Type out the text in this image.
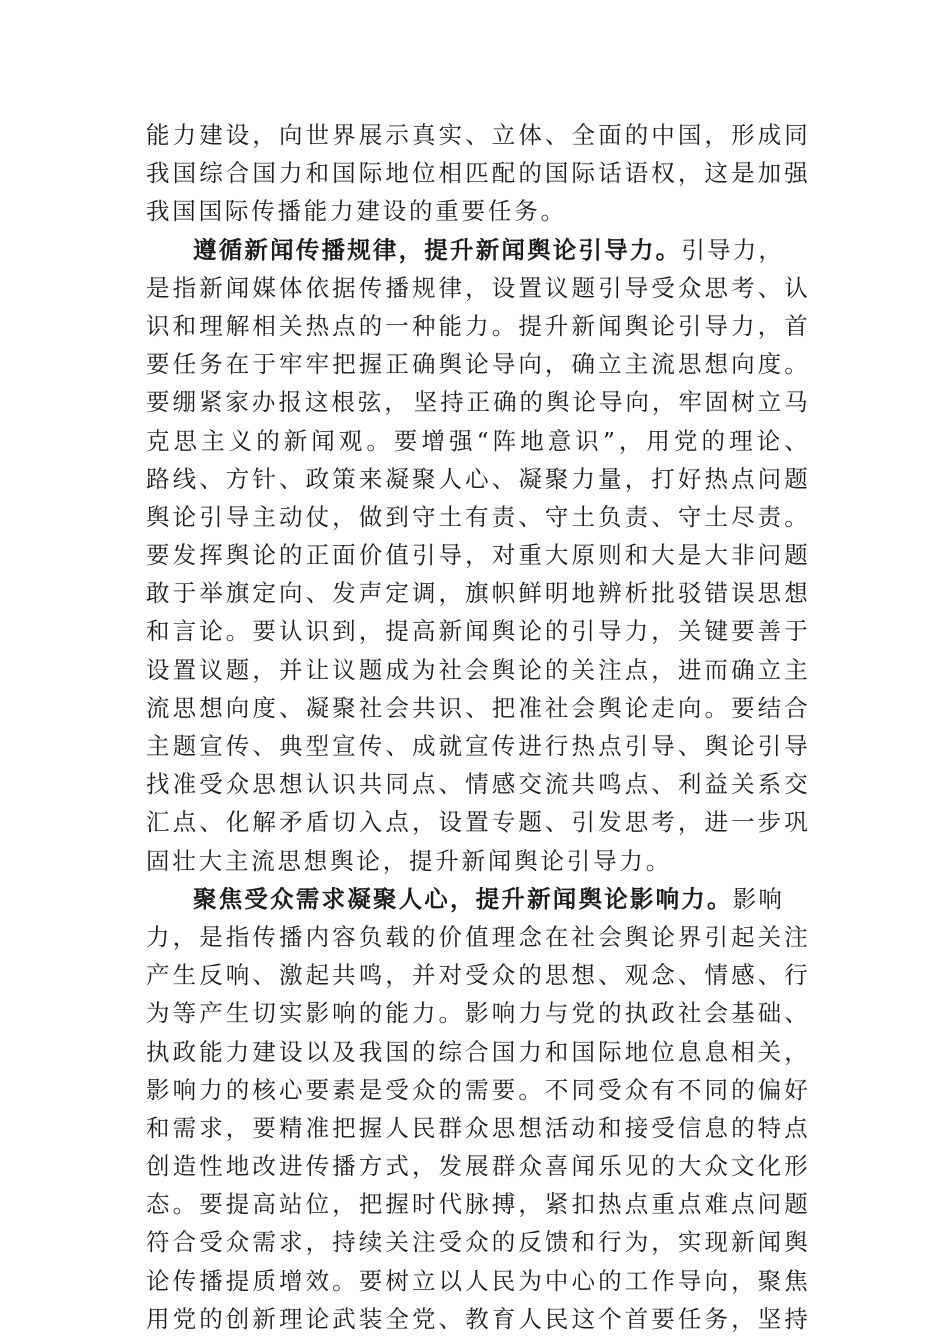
能 力 建 设 ， 向 世 界 展 示 真 实 、 立 体 、 全 面 的 中 国 ， 形 成 同
我 国 综 合 国 力 和 国 际 地 位 相 匹 配 的 国 际 话 语 权 ， 这 是 加 强
我国国际传播能力建设的重要任务。
遵循新闻传播规律，提升新闻舆论引导力。 引导力，
是 指 新 闻 媒 体 依 据 传 播 规 律 ， 设 置 议 题 引 导 受 众 思 考 、 认
识 和 理 解 相 关 热 点 的 一 种 能 力 。 提 升 新 闻 舆 论 引 导 力 ， 首
要 任 务 在 于 牢 牢 把 握 正 确 舆 论 导 向 ， 确 立 主 流 思 想 向 度 。
要 绷 紧 家 办 报 这 根 弦 ， 坚 持 正 确 的 舆 论 导 向 ， 牢 固 树 立 马
克 思 主 义 的 新 闻 观 。 要 增 强 “ 阵 地 意 识 ” ， 用 党 的 理 论 、
路 线 、 方 针 、 政 策 来 凝 聚 人 心 、 凝 聚 力 量 ， 打 好 热 点 问 题
舆 论 引 导 主 动 仗 ， 做 到 守 土 有 责 、 守 土 负 责 、 守 土 尽 责 。
要 发 挥 舆 论 的 正 面 价 值 引 导 ， 对 重 大 原 则 和 大 是 大 非 问 题
敢 于 举 旗 定 向 、 发 声 定 调 ， 旗 帜 鲜 明 地 辨 析 批 驳 错 误 思 想
和 言 论 。 要 认 识 到 ， 提 高 新 闻 舆 论 的 引 导 力 ， 关 键 要 善 于
设 置 议 题 ， 并 让 议 题 成 为 社 会 舆 论 的 关 注 点 ， 进 而 确 立 主
流 思 想 向 度 、 凝 聚 社 会 共 识 、 把 准 社 会 舆 论 走 向 。 要 结 合
主 题 宣 传 、 典 型 宣 传 、 成 就 宣 传 进 行 热 点 引 导 、 舆 论 引 导
找 准 受 众 思 想 认 识 共 同 点 、 情 感 交 流 共 鸣 点 、 利 益 关 系 交
汇 点 、 化 解 矛 盾 切 入 点 ， 设 置 专 题 、 引 发 思 考 ， 进 一 步 巩
固壮大主流思想舆论，提升新闻舆论引导力。
聚焦受众需求凝聚人心，提升新闻舆论影响力。 影响
力 ， 是 指 传 播 内 容 负 载 的 价 值 理 念 在 社 会 舆 论 界 引 起 关 注
产 生 反 响 、 激 起 共 鸣 ， 并 对 受 众 的 思 想 、 观 念 、 情 感 、 行
为 等 产 生 切 实 影 响 的 能 力 。 影 响 力 与 党 的 执 政 社 会 基 础 、
执 政 能 力 建 设 以 及 我 国 的 综 合 国 力 和 国 际 地 位 息 息 相 关 ，
影 响 力 的 核 心 要 素 是 受 众 的 需 要 。 不 同 受 众 有 不 同 的 偏 好
和 需 求 ， 要 精 准 把 握 人 民 群 众 思 想 活 动 和 接 受 信 息 的 特 点
创 造 性 地 改 进 传 播 方 式 ， 发 展 群 众 喜 闻 乐 见 的 大 众 文 化 形
态 。 要 提 高 站 位 ， 把 握 时 代 脉 搏 ， 紧 扣 热 点 重 点 难 点 问 题
符 合 受 众 需 求 ， 持 续 关 注 受 众 的 反 馈 和 行 为 ， 实 现 新 闻 舆
论 传 播 提 质 增 效 。 要 树 立 以 人 民 为 中 心 的 工 作 导 向 ， 聚 焦
用 党 的 创 新 理 论 武 装 全 党 、 教 育 人 民 这 个 首 要 任 务 ， 坚 持
